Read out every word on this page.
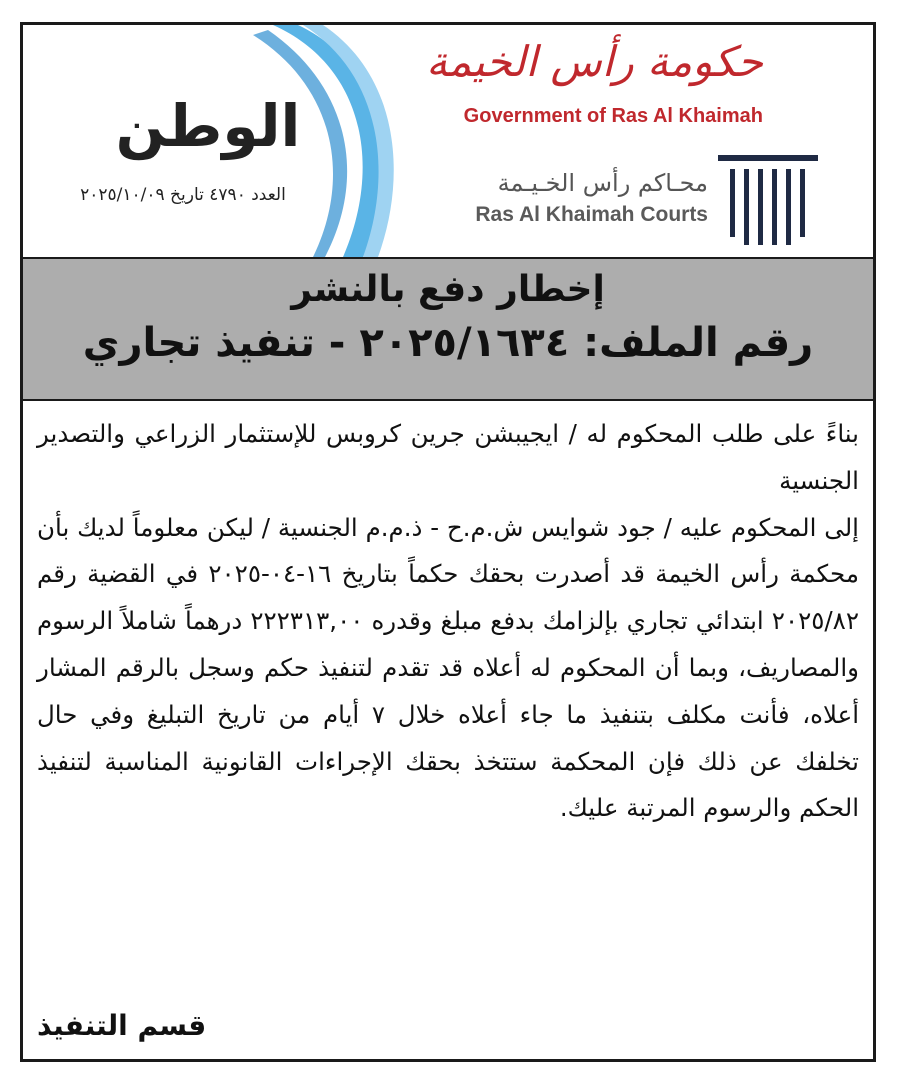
الوطن
العدد ٤٧٩٠ تاريخ ٢٠٢٥/١٠/٠٩
حكومة رأس الخيمة
Government of Ras Al Khaimah
محـاكم رأس الخـيـمة
Ras Al Khaimah Courts
إخطار دفع بالنشر
رقم الملف: ٢٠٢٥/١٦٣٤ - تنفيذ تجاري

بناءً على طلب المحكوم له / ايجيبشن جرين كروبس للإستثمار الزراعي والتصدير الجنسية

إلى المحكوم عليه / جود شوايس ش.م.ح - ذ.م.م الجنسية / ليكن معلوماً لديك بأن محكمة رأس الخيمة قد أصدرت بحقك حكماً بتاريخ ١٦-٠٤-٢٠٢٥ في القضية رقم ٢٠٢٥/٨٢ ابتدائي تجاري بإلزامك بدفع مبلغ وقدره ٢٢٢٣١٣,٠٠ درهماً شاملاً الرسوم والمصاريف، وبما أن المحكوم له أعلاه قد تقدم لتنفيذ حكم وسجل بالرقم المشار أعلاه، فأنت مكلف بتنفيذ ما جاء أعلاه خلال ٧ أيام من تاريخ التبليغ وفي حال تخلفك عن ذلك فإن المحكمة ستتخذ بحقك الإجراءات القانونية المناسبة لتنفيذ الحكم والرسوم المرتبة عليك.

قسم التنفيذ
